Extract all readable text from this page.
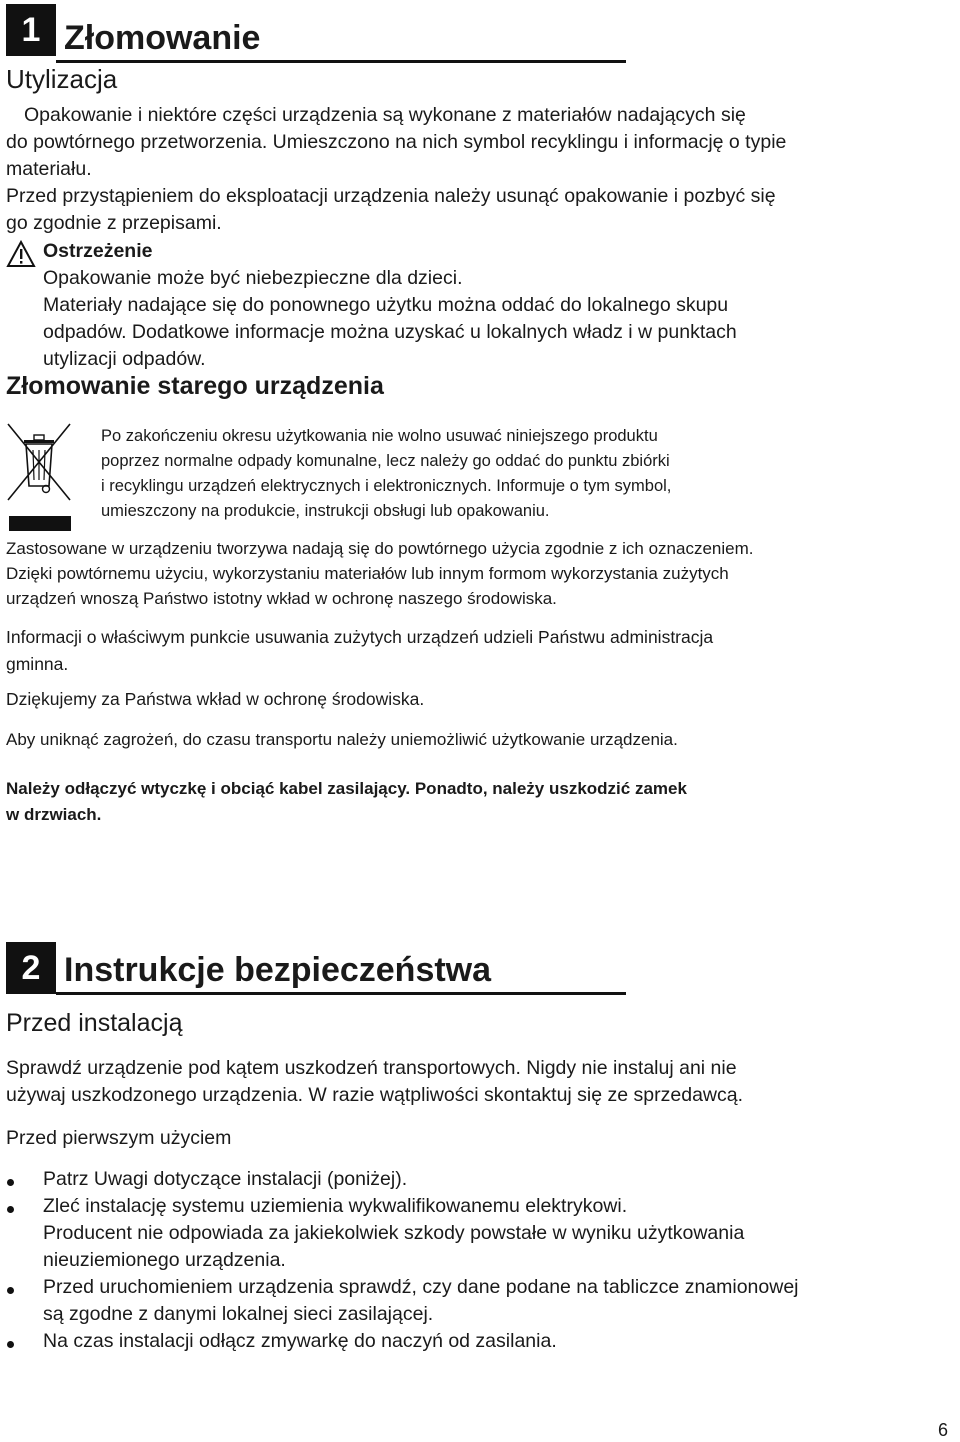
1 Złomowanie
Utylizacja

Opakowanie i niektóre części urządzenia są wykonane z materiałów nadających się

do powtórnego przetworzenia. Umieszczono na nich symbol recyklingu i informację o typie

materiału.

Przed przystąpieniem do eksploatacji urządzenia należy usunąć opakowanie i pozbyć się

go zgodnie z przepisami.

Ostrzeżenie

Opakowanie może być niebezpieczne dla dzieci.

Materiały nadające się do ponownego użytku można oddać do lokalnego skupu

odpadów. Dodatkowe informacje można uzyskać u lokalnych władz i w punktach

utylizacji odpadów.

Złomowanie starego urządzenia

Po zakończeniu okresu użytkowania nie wolno usuwać niniejszego produktu

poprzez normalne odpady komunalne, lecz należy go oddać do punktu zbiórki

i recyklingu urządzeń elektrycznych i elektronicznych. Informuje o tym symbol,

umieszczony na produkcie, instrukcji obsługi lub opakowaniu.

Zastosowane w urządzeniu tworzywa nadają się do powtórnego użycia zgodnie z ich oznaczeniem.

Dzięki powtórnemu użyciu, wykorzystaniu materiałów lub innym formom wykorzystania zużytych

urządzeń wnoszą Państwo istotny wkład w ochronę naszego środowiska.

Informacji o właściwym punkcie usuwania zużytych urządzeń udzieli Państwu administracja

gminna.

Dziękujemy za Państwa wkład w ochronę środowiska.
Aby uniknąć zagrożeń, do czasu transportu należy uniemożliwić użytkowanie urządzenia.

Należy odłączyć wtyczkę i obciąć kabel zasilający. Ponadto, należy uszkodzić zamek

w drzwiach.

2 Instrukcje bezpieczeństwa
Przed instalacją

Sprawdź urządzenie pod kątem uszkodzeń transportowych. Nigdy nie instaluj ani nie

używaj uszkodzonego urządzenia. W razie wątpliwości skontaktuj się ze sprzedawcą.

Przed pierwszym użyciem

Patrz Uwagi dotyczące instalacji (poniżej).

Zleć instalację systemu uziemienia wykwalifikowanemu elektrykowi.

Producent nie odpowiada za jakiekolwiek szkody powstałe w wyniku użytkowania

nieuziemionego urządzenia.

Przed uruchomieniem urządzenia sprawdź, czy dane podane na tabliczce znamionowej

są zgodne z danymi lokalnej sieci zasilającej.

Na czas instalacji odłącz zmywarkę do naczyń od zasilania.

6
